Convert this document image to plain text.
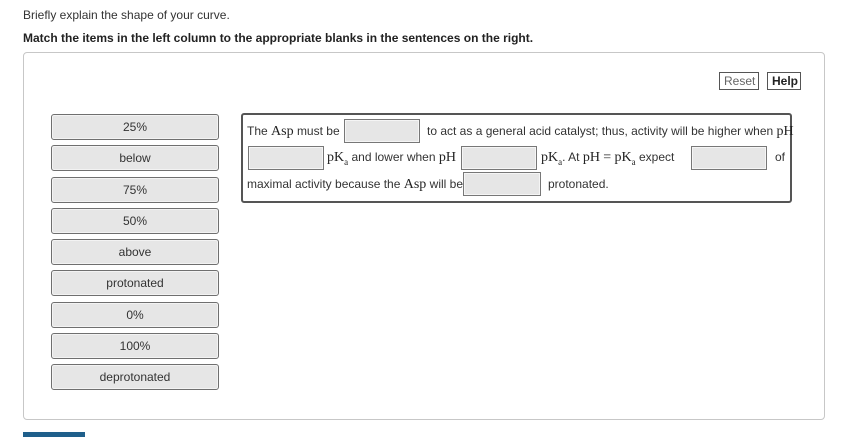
Briefly explain the shape of your curve.
Match the items in the left column to the appropriate blanks in the sentences on the right.
Reset	Help
25%
below
75%
50%
above
protonated
0%
100%
deprotonated
The Asp must be	to act as a general acid catalyst; thus, activity will be higher when pH
$pK_a$ and lower when pH	$pK_a$. At pH = $pK_a$ expect	of
maximal activity because the Asp will be	protonated.
